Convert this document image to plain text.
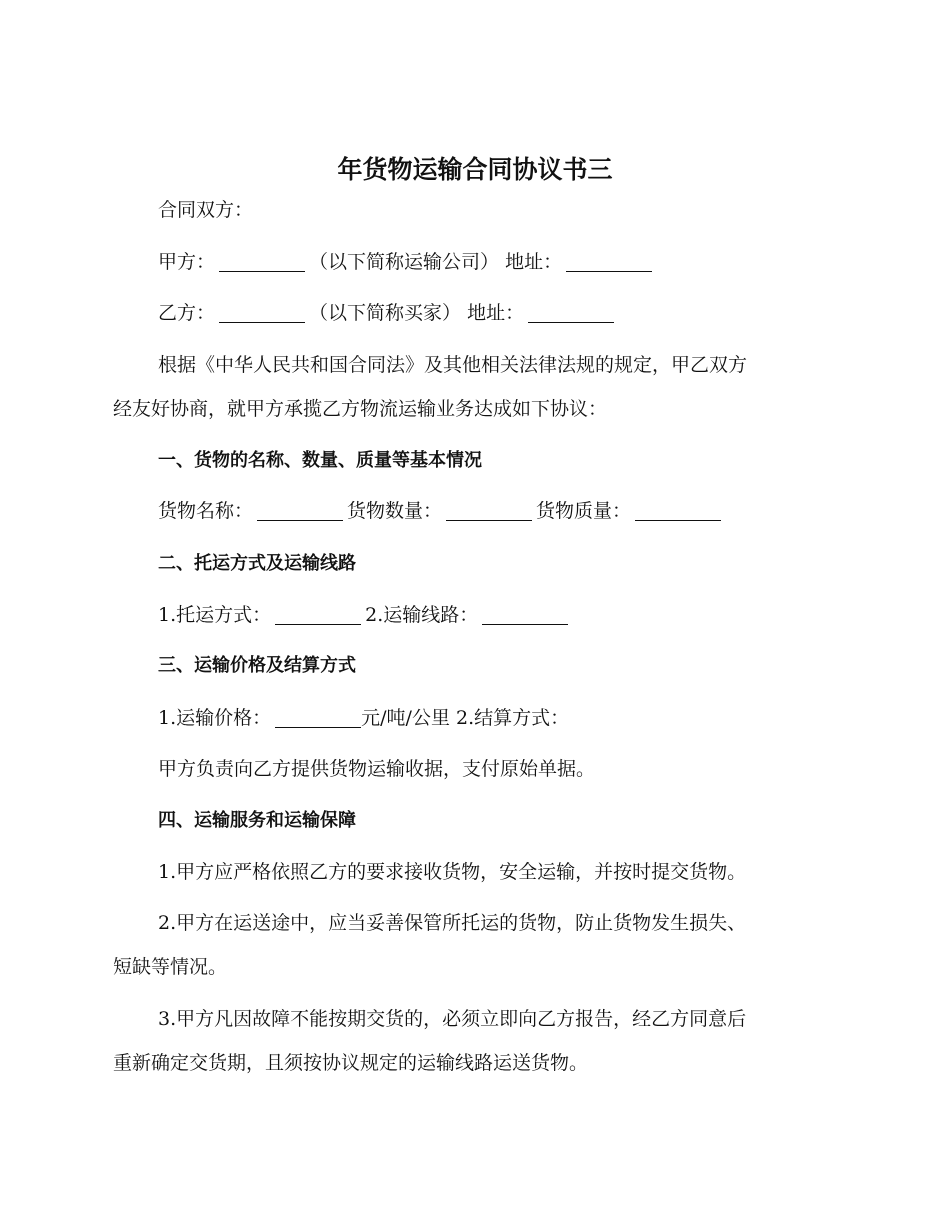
年货物运输合同协议书三

合同双方：

甲方：	（以下简称运输公司） 地址：

乙方：	（以下简称买家） 地址：

根据《中华人民共和国合同法》及其他相关法律法规的规定，甲乙双方

经友好协商，就甲方承揽乙方物流运输业务达成如下协议：

一、货物的名称、数量、质量等基本情况

货物名称：	货物数量：	货物质量：

二、托运方式及运输线路

1.托运方式：	2.运输线路：

三、运输价格及结算方式

1.运输价格：	元/吨/公里 2.结算方式：

甲方负责向乙方提供货物运输收据，支付原始单据。

四、运输服务和运输保障

1.甲方应严格依照乙方的要求接收货物，安全运输，并按时提交货物。

2.甲方在运送途中，应当妥善保管所托运的货物，防止货物发生损失、

短缺等情况。

3.甲方凡因故障不能按期交货的，必须立即向乙方报告，经乙方同意后

重新确定交货期，且须按协议规定的运输线路运送货物。
